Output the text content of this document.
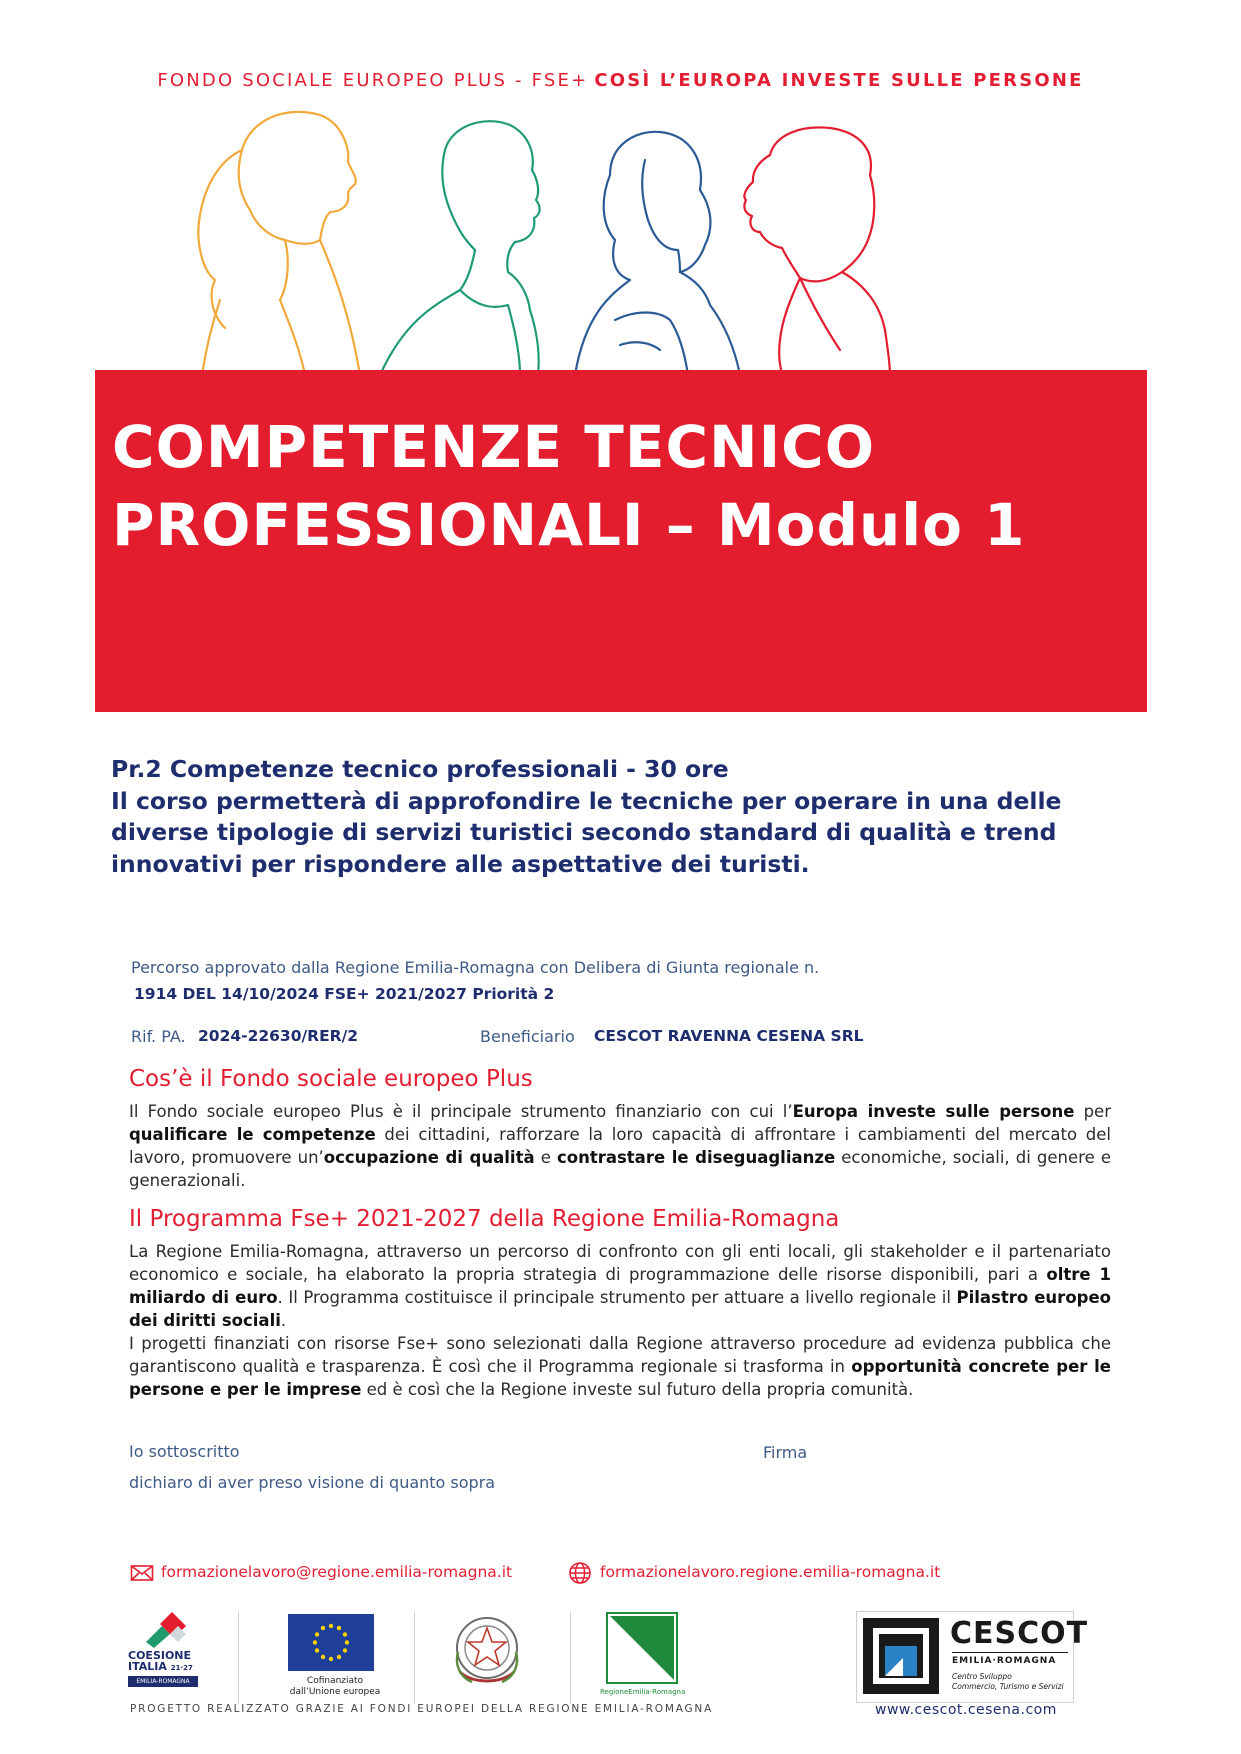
FONDO SOCIALE EUROPEO PLUS - FSE+ COSÌ L’EUROPA INVESTE SULLE PERSONE
COMPETENZE TECNICO
PROFESSIONALI – Modulo 1
Pr.2 Competenze tecnico professionali - 30 ore
Il corso permetterà di approfondire le tecniche per operare in una delle
diverse tipologie di servizi turistici secondo standard di qualità e trend
innovativi per rispondere alle aspettative dei turisti.
Percorso approvato dalla Regione Emilia-Romagna con Delibera di Giunta regionale n.
1914 DEL 14/10/2024 FSE+ 2021/2027 Priorità 2
Rif. PA. 2024-22630/RER/2	Beneficiario CESCOT RAVENNA CESENA SRL
Cos’è il Fondo sociale europeo Plus
Il Fondo sociale europeo Plus è il principale strumento finanziario con cui l’Europa investe sulle persone per qualificare le competenze dei cittadini, rafforzare la loro capacità di affrontare i cambiamenti del mercato del lavoro, promuovere un’occupazione di qualità e contrastare le diseguaglianze economiche, sociali, di genere e generazionali.
Il Programma Fse+ 2021-2027 della Regione Emilia-Romagna
La Regione Emilia-Romagna, attraverso un percorso di confronto con gli enti locali, gli stakeholder e il partenariato economico e sociale, ha elaborato la propria strategia di programmazione delle risorse disponibili, pari a oltre 1 miliardo di euro. Il Programma costituisce il principale strumento per attuare a livello regionale il Pilastro europeo dei diritti sociali.
I progetti finanziati con risorse Fse+ sono selezionati dalla Regione attraverso procedure ad evidenza pubblica che garantiscono qualità e trasparenza. È così che il Programma regionale si trasforma in opportunità concrete per le persone e per le imprese ed è così che la Regione investe sul futuro della propria comunità.
Io sottoscritto	Firma
dichiaro di aver preso visione di quanto sopra
formazionelavoro@regione.emilia-romagna.it	formazionelavoro.regione.emilia-romagna.it
COESIONE
ITALIA 21·27
EMILIA-ROMAGNA	Cofinanziato
dall’Unione europea	RegioneEmilia-Romagna
CESCOT
EMILIA·ROMAGNA
Centro Sviluppo
Commercio, Turismo e Servizi
PROGETTO REALIZZATO GRAZIE AI FONDI EUROPEI DELLA REGIONE EMILIA-ROMAGNA	www.cescot.cesena.com
